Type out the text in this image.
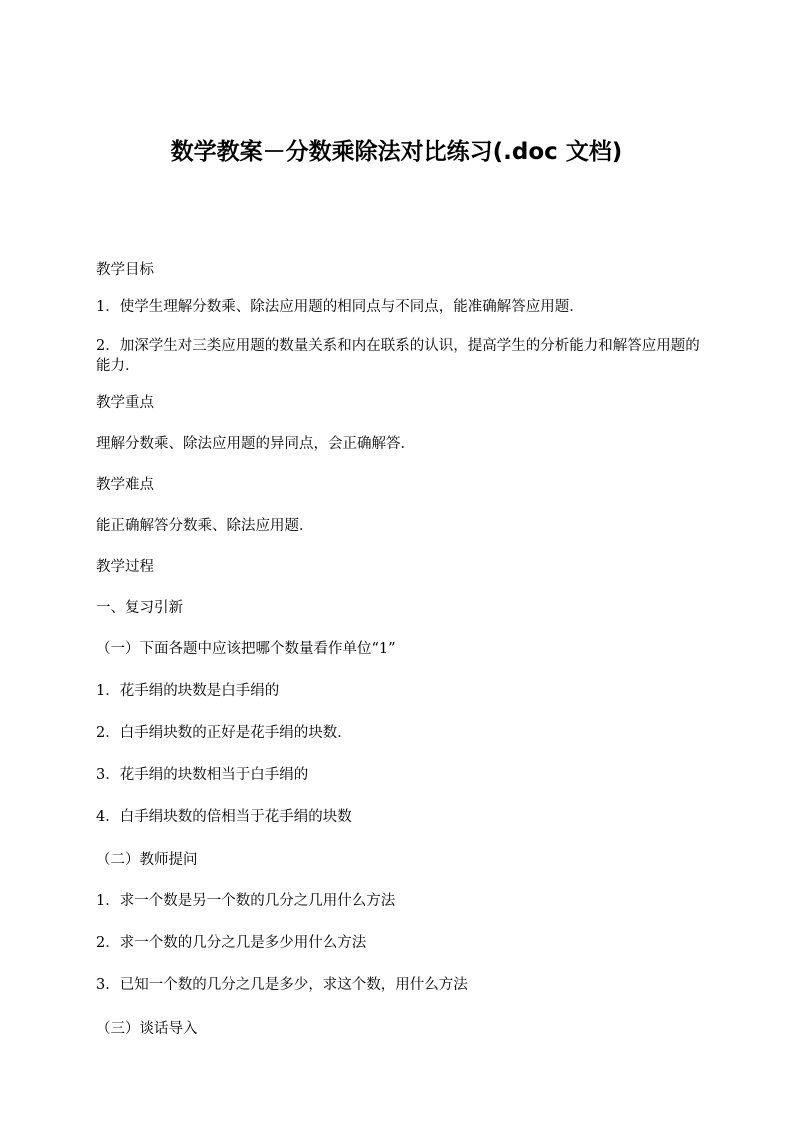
数学教案－分数乘除法对比练习(.doc 文档)

教学目标

1．使学生理解分数乘、除法应用题的相同点与不同点，能准确解答应用题．

2．加深学生对三类应用题的数量关系和内在联系的认识，提高学生的分析能力和解答应用题的能力．

教学重点

理解分数乘、除法应用题的异同点，会正确解答．

教学难点

能正确解答分数乘、除法应用题．

教学过程

一、复习引新

（一）下面各题中应该把哪个数量看作单位“1”

1．花手绢的块数是白手绢的

2．白手绢块数的正好是花手绢的块数．

3．花手绢的块数相当于白手绢的

4．白手绢块数的倍相当于花手绢的块数

（二）教师提问

1．求一个数是另一个数的几分之几用什么方法

2．求一个数的几分之几是多少用什么方法

3．已知一个数的几分之几是多少，求这个数，用什么方法

（三）谈话导入
